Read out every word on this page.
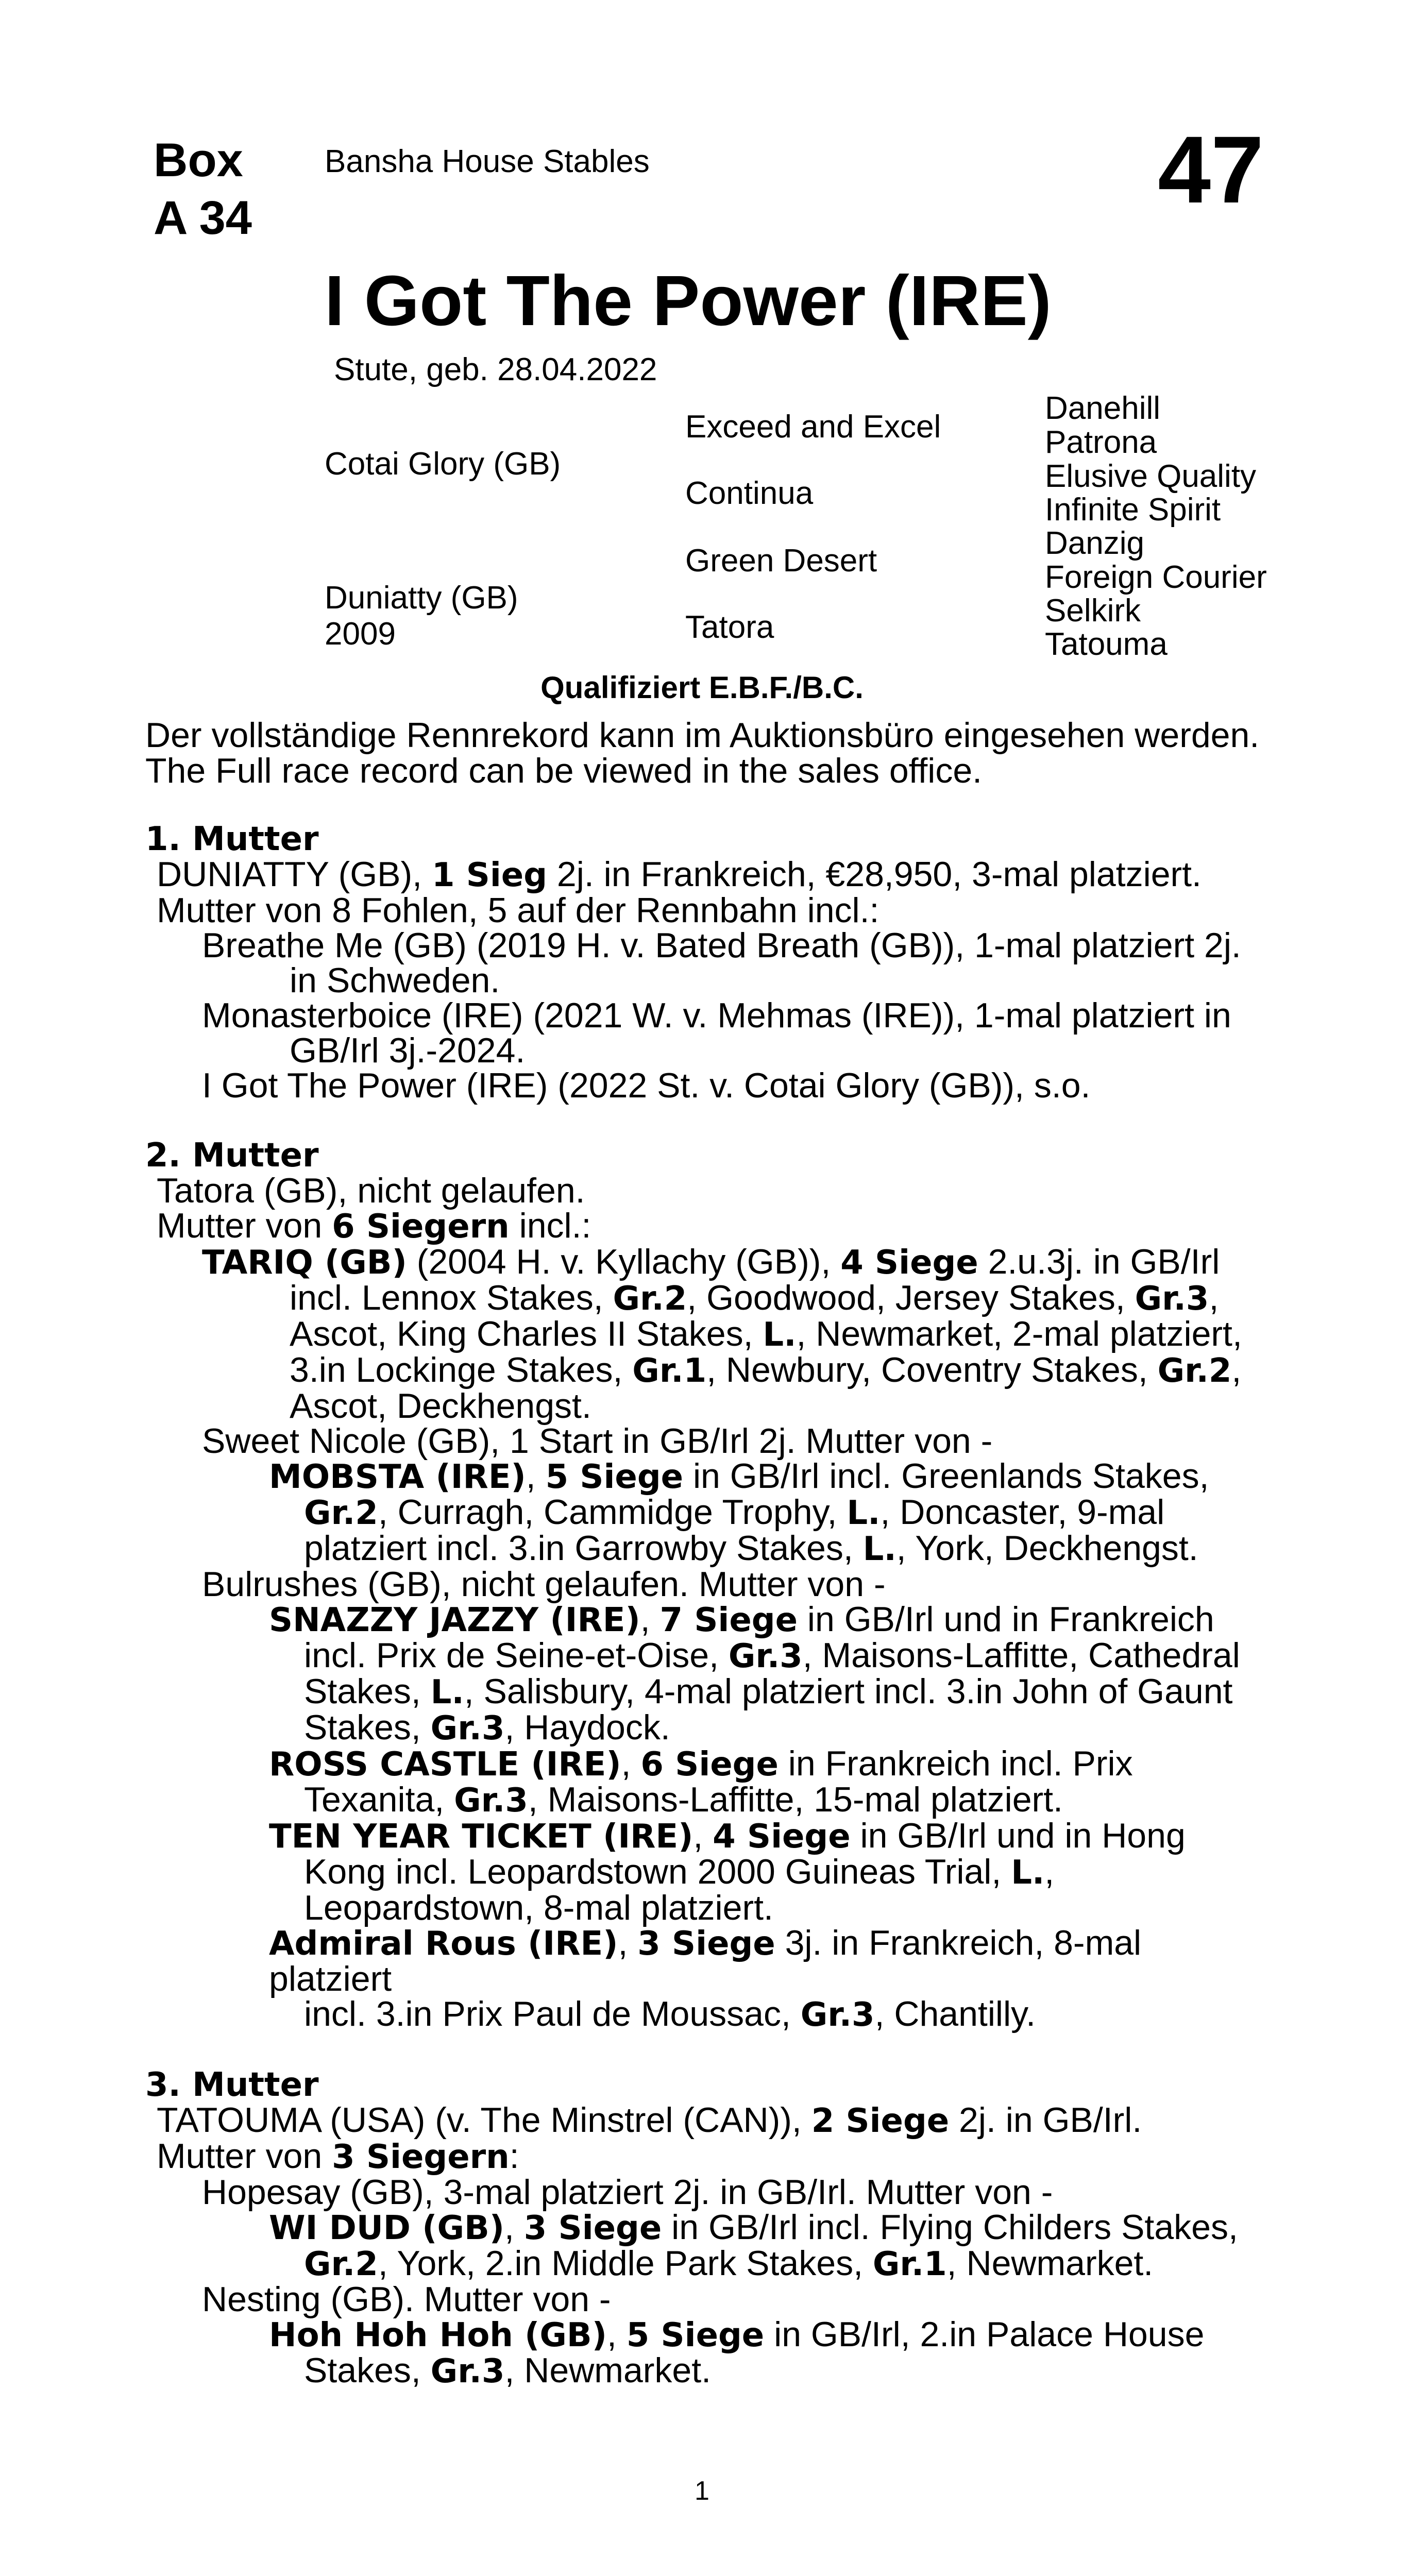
Box
A 34
Bansha House Stables	47
I Got The Power (IRE)
Stute, geb. 28.04.2022
Cotai Glory (GB)
Duniatty (GB)
2009
Exceed and Excel
Continua
Green Desert
Tatora
Danehill
Patrona
Elusive Quality
Infinite Spirit
Danzig
Foreign Courier
Selkirk
Tatouma
Qualifiziert E.B.F./B.C.
Der vollständige Rennrekord kann im Auktionsbüro eingesehen werden.
The Full race record can be viewed in the sales office.
1. Mutter
DUNIATTY (GB), 1 Sieg 2j. in Frankreich, €28,950, 3-mal platziert.
Mutter von 8 Fohlen, 5 auf der Rennbahn incl.:
Breathe Me (GB) (2019 H. v. Bated Breath (GB)), 1-mal platziert 2j.
in Schweden.
Monasterboice (IRE) (2021 W. v. Mehmas (IRE)), 1-mal platziert in
GB/Irl 3j.-2024.
I Got The Power (IRE) (2022 St. v. Cotai Glory (GB)), s.o.
2. Mutter
Tatora (GB), nicht gelaufen.
Mutter von 6 Siegern incl.:
TARIQ (GB) (2004 H. v. Kyllachy (GB)), 4 Siege 2.u.3j. in GB/Irl
incl. Lennox Stakes, Gr.2, Goodwood, Jersey Stakes, Gr.3,
Ascot, King Charles II Stakes, L., Newmarket, 2-mal platziert,
3.in Lockinge Stakes, Gr.1, Newbury, Coventry Stakes, Gr.2,
Ascot, Deckhengst.
Sweet Nicole (GB), 1 Start in GB/Irl 2j. Mutter von -
MOBSTA (IRE), 5 Siege in GB/Irl incl. Greenlands Stakes,
Gr.2, Curragh, Cammidge Trophy, L., Doncaster, 9-mal
platziert incl. 3.in Garrowby Stakes, L., York, Deckhengst.
Bulrushes (GB), nicht gelaufen. Mutter von -
SNAZZY JAZZY (IRE), 7 Siege in GB/Irl und in Frankreich
incl. Prix de Seine-et-Oise, Gr.3, Maisons-Laffitte, Cathedral
Stakes, L., Salisbury, 4-mal platziert incl. 3.in John of Gaunt
Stakes, Gr.3, Haydock.
ROSS CASTLE (IRE), 6 Siege in Frankreich incl. Prix
Texanita, Gr.3, Maisons-Laffitte, 15-mal platziert.
TEN YEAR TICKET (IRE), 4 Siege in GB/Irl und in Hong
Kong incl. Leopardstown 2000 Guineas Trial, L.,
Leopardstown, 8-mal platziert.
Admiral Rous (IRE), 3 Siege 3j. in Frankreich, 8-mal platziert
incl. 3.in Prix Paul de Moussac, Gr.3, Chantilly.
3. Mutter
TATOUMA (USA) (v. The Minstrel (CAN)), 2 Siege 2j. in GB/Irl.
Mutter von 3 Siegern:
Hopesay (GB), 3-mal platziert 2j. in GB/Irl. Mutter von -
WI DUD (GB), 3 Siege in GB/Irl incl. Flying Childers Stakes,
Gr.2, York, 2.in Middle Park Stakes, Gr.1, Newmarket.
Nesting (GB). Mutter von -
Hoh Hoh Hoh (GB), 5 Siege in GB/Irl, 2.in Palace House
Stakes, Gr.3, Newmarket.
1
